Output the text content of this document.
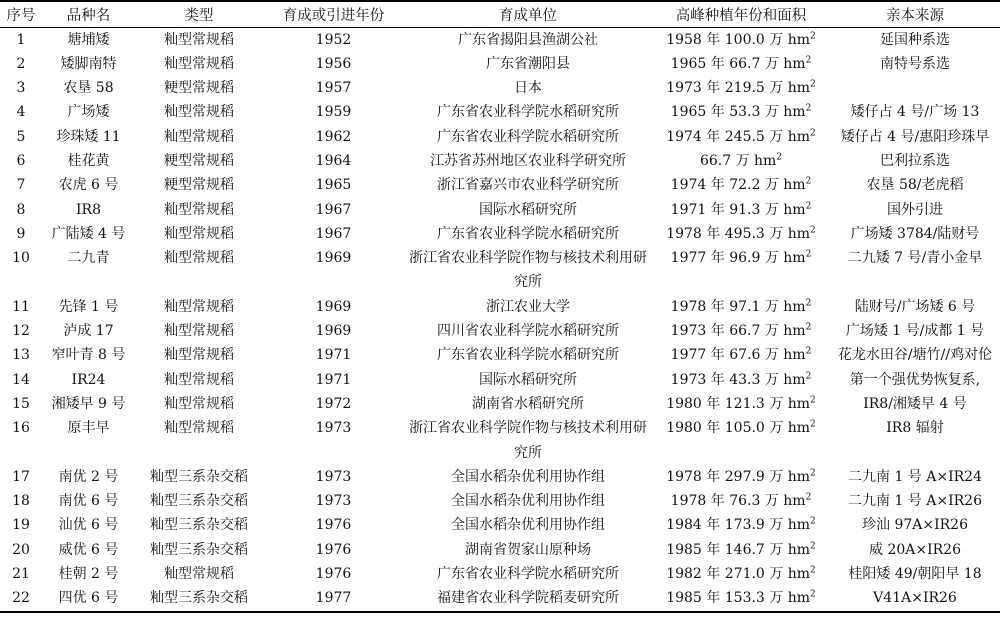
序号	品种名	类型	育成或引进年份	育成单位	高峰种植年份和面积	亲本来源
1	塘埔矮	籼型常规稻	1952	广东省揭阳县渔湖公社	1958 年 100.0 万 $hm^2$	延国种系选
2	矮脚南特	籼型常规稻	1956	广东省潮阳县	1965 年 66.7 万 $hm^2$	南特号系选
3	农垦 58	粳型常规稻	1957	日本	1973 年 219.5 万 $hm^2$	
4	广场矮	籼型常规稻	1959	广东省农业科学院水稻研究所	1965 年 53.3 万 $hm^2$	矮仔占 4 号/广场 13
5	珍珠矮 11	籼型常规稻	1962	广东省农业科学院水稻研究所	1974 年 245.5 万 $hm^2$	矮仔占 4 号/惠阳珍珠早
6	桂花黄	粳型常规稻	1964	江苏省苏州地区农业科学研究所	66.7 万 $hm^2$	巴利拉系选
7	农虎 6 号	粳型常规稻	1965	浙江省嘉兴市农业科学研究所	1974 年 72.2 万 $hm^2$	农垦 58/老虎稻
8	IR8	籼型常规稻	1967	国际水稻研究所	1971 年 91.3 万 $hm^2$	国外引进
9	广陆矮 4 号	籼型常规稻	1967	广东省农业科学院水稻研究所	1978 年 495.3 万 $hm^2$	广场矮 3784/陆财号
10	二九青	籼型常规稻	1969	浙江省农业科学院作物与核技术利用研究所	1977 年 96.9 万 $hm^2$	二九矮 7 号/青小金早
11	先锋 1 号	籼型常规稻	1969	浙江农业大学	1978 年 97.1 万 $hm^2$	陆财号/广场矮 6 号
12	泸成 17	籼型常规稻	1969	四川省农业科学院水稻研究所	1973 年 66.7 万 $hm^2$	广场矮 1 号/成都 1 号
13	窄叶青 8 号	籼型常规稻	1971	广东省农业科学院水稻研究所	1977 年 67.6 万 $hm^2$	花龙水田谷/塘竹//鸡对伦
14	IR24	籼型常规稻	1971	国际水稻研究所	1973 年 43.3 万 $hm^2$	第一个强优势恢复系,
15	湘矮早 9 号	籼型常规稻	1972	湖南省水稻研究所	1980 年 121.3 万 $hm^2$	IR8/湘矮早 4 号
16	原丰早	籼型常规稻	1973	浙江省农业科学院作物与核技术利用研究所	1980 年 105.0 万 $hm^2$	IR8 辐射
17	南优 2 号	籼型三系杂交稻	1973	全国水稻杂优利用协作组	1978 年 297.9 万 $hm^2$	二九南 1 号 A×IR24
18	南优 6 号	籼型三系杂交稻	1973	全国水稻杂优利用协作组	1978 年 76.3 万 $hm^2$	二九南 1 号 A×IR26
19	汕优 6 号	籼型三系杂交稻	1976	全国水稻杂优利用协作组	1984 年 173.9 万 $hm^2$	珍汕 97A×IR26
20	威优 6 号	籼型三系杂交稻	1976	湖南省贺家山原种场	1985 年 146.7 万 $hm^2$	威 20A×IR26
21	桂朝 2 号	籼型常规稻	1976	广东省农业科学院水稻研究所	1982 年 271.0 万 $hm^2$	桂阳矮 49/朝阳早 18
22	四优 6 号	籼型三系杂交稻	1977	福建省农业科学院稻麦研究所	1985 年 153.3 万 $hm^2$	V41A×IR26
